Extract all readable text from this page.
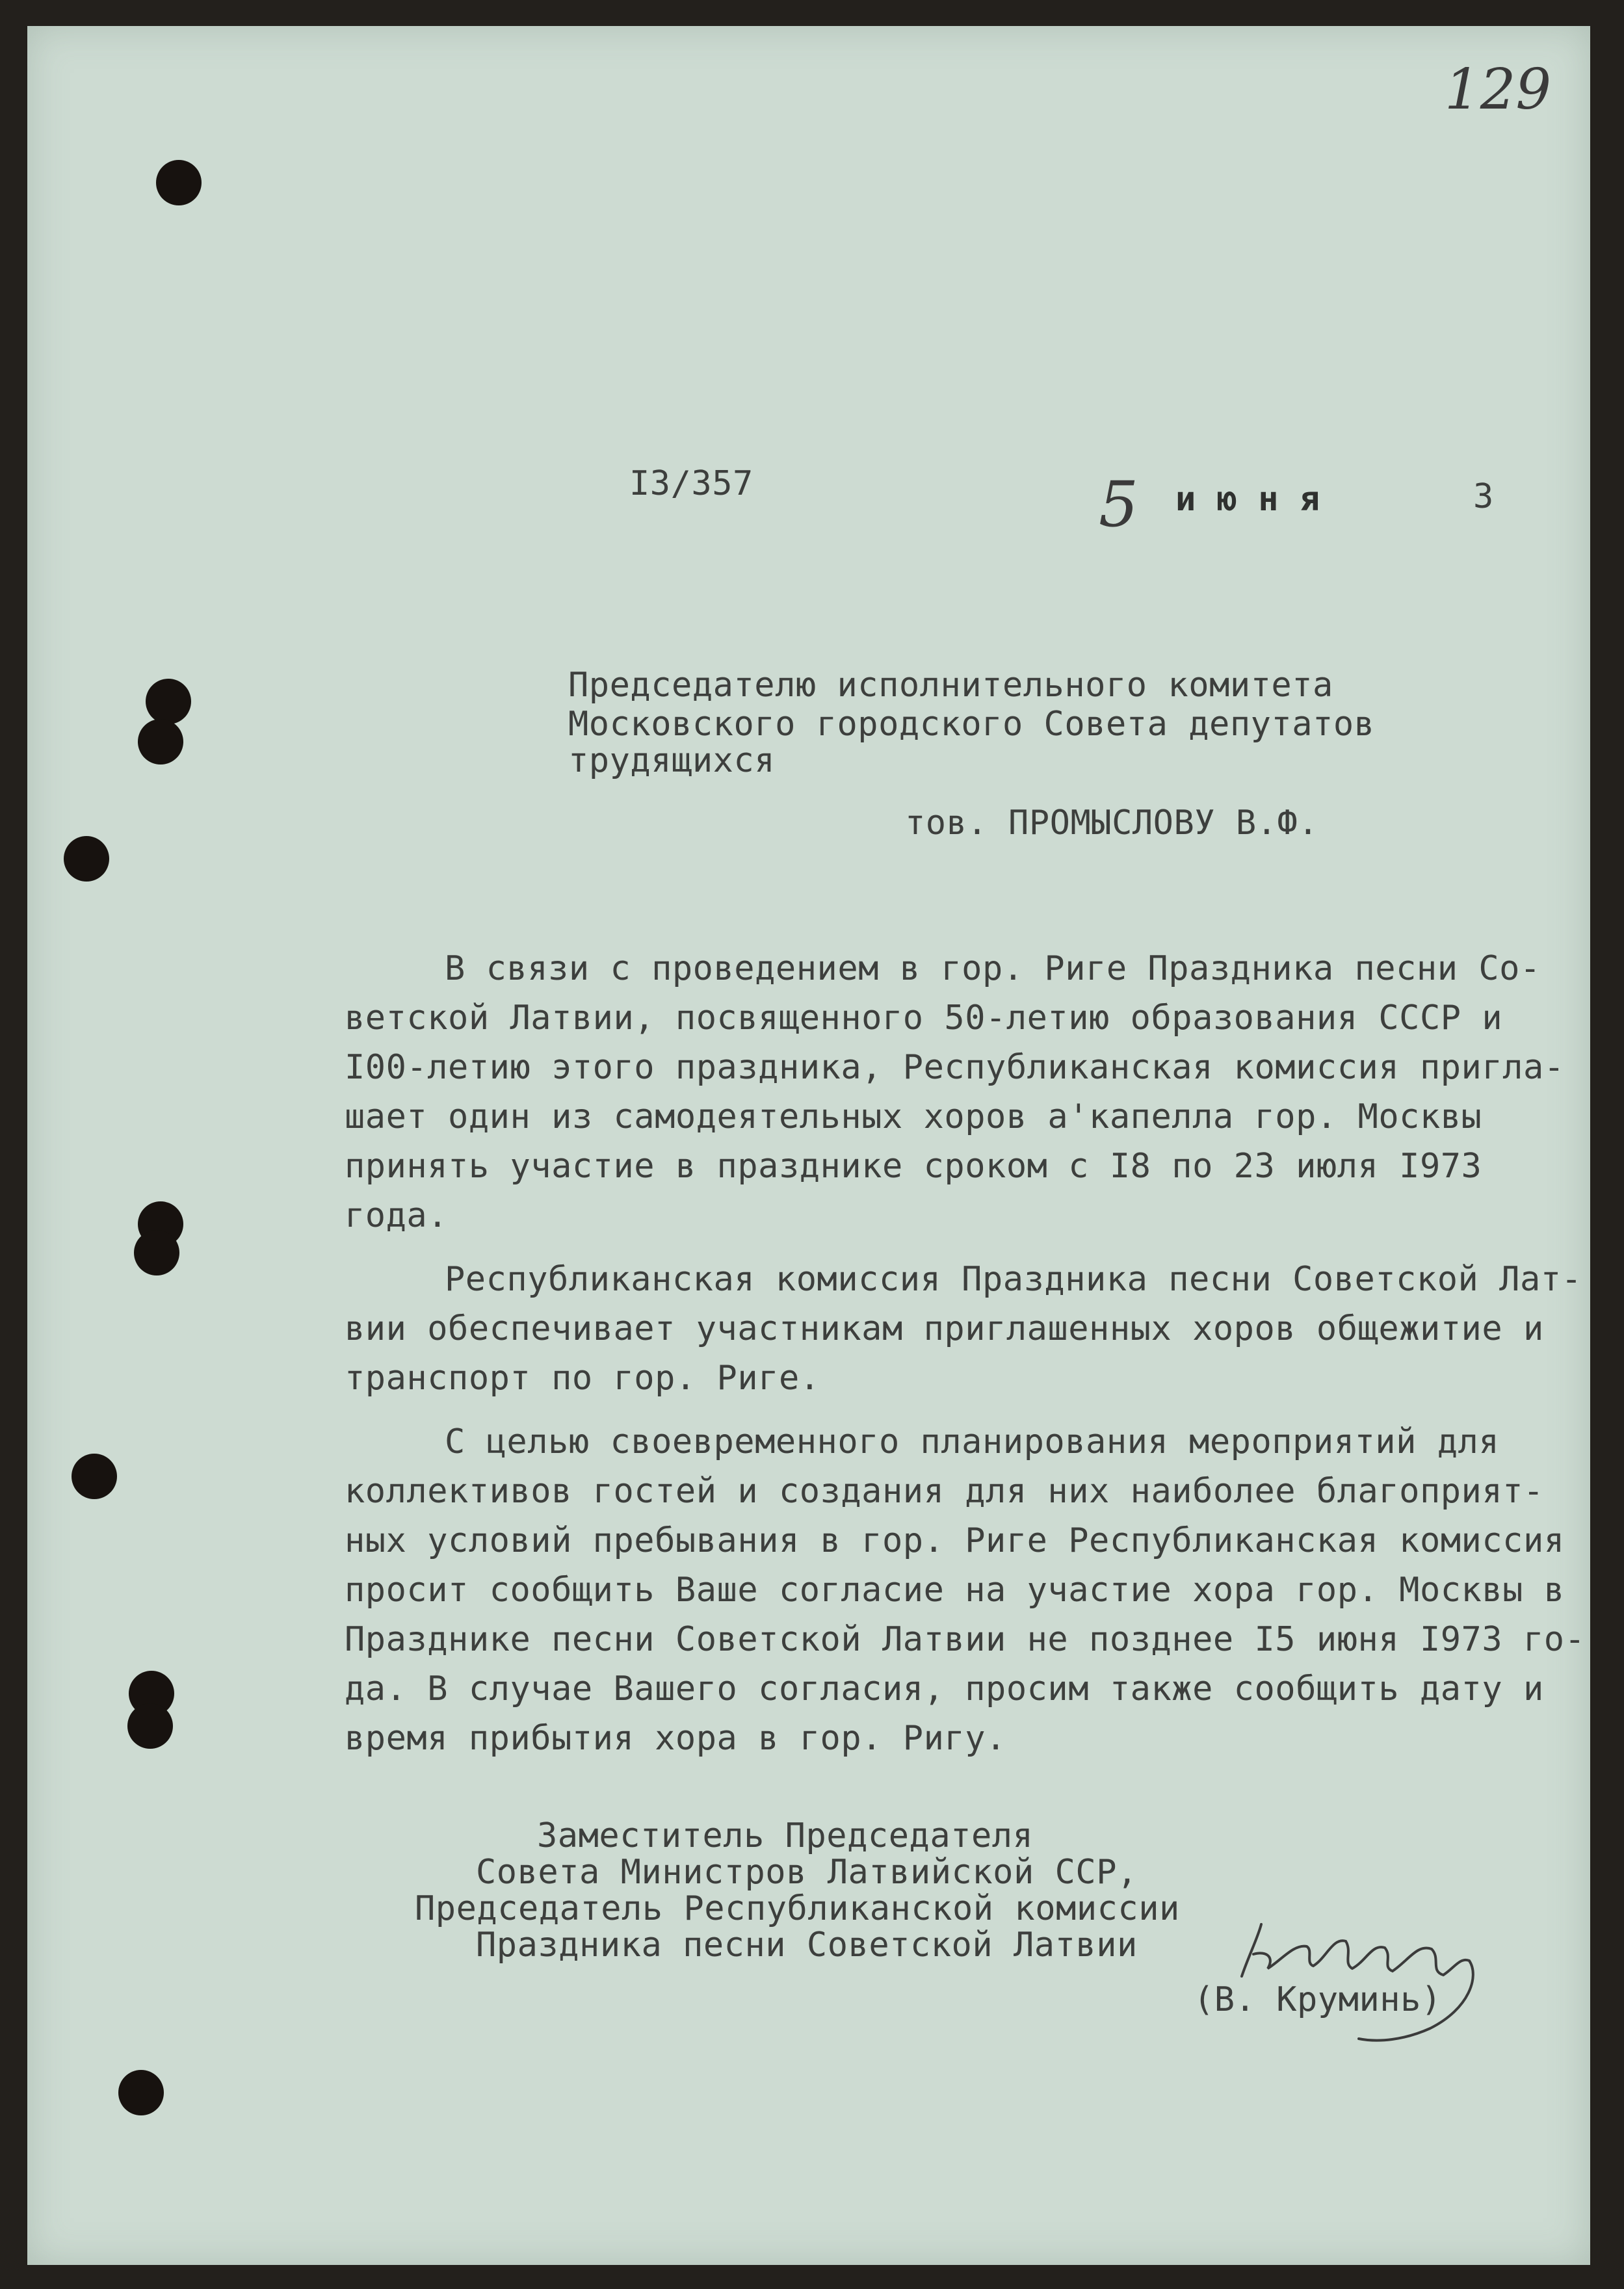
129
I3/357	5 и ю н я	3
Председателю исполнительного комитета
Московского городского Совета депутатов
трудящихся
тов. ПРОМЫСЛОВУ В.Ф.
В связи с проведением в гор. Риге Праздника песни Со-
ветской Латвии, посвященного 50-летию образования СССР и
I00-летию этого праздника, Республиканская комиссия пригла-
шает один из самодеятельных хоров а'капелла гор. Москвы
принять участие в празднике сроком с I8 по 23 июля I973
года.
Республиканская комиссия Праздника песни Советской Лат-
вии обеспечивает участникам приглашенных хоров общежитие и
транспорт по гор. Риге.
С целью своевременного планирования мероприятий для
коллективов гостей и создания для них наиболее благоприят-
ных условий пребывания в гор. Риге Республиканская комиссия
просит сообщить Ваше согласие на участие хора гор. Москвы в
Празднике песни Советской Латвии не позднее I5 июня I973 го-
да. В случае Вашего согласия, просим также сообщить дату и
время прибытия хора в гор. Ригу.
Заместитель Председателя
Совета Министров Латвийской ССР,
Председатель Республиканской комиссии
Праздника песни Советской Латвии
(В. Круминь)
